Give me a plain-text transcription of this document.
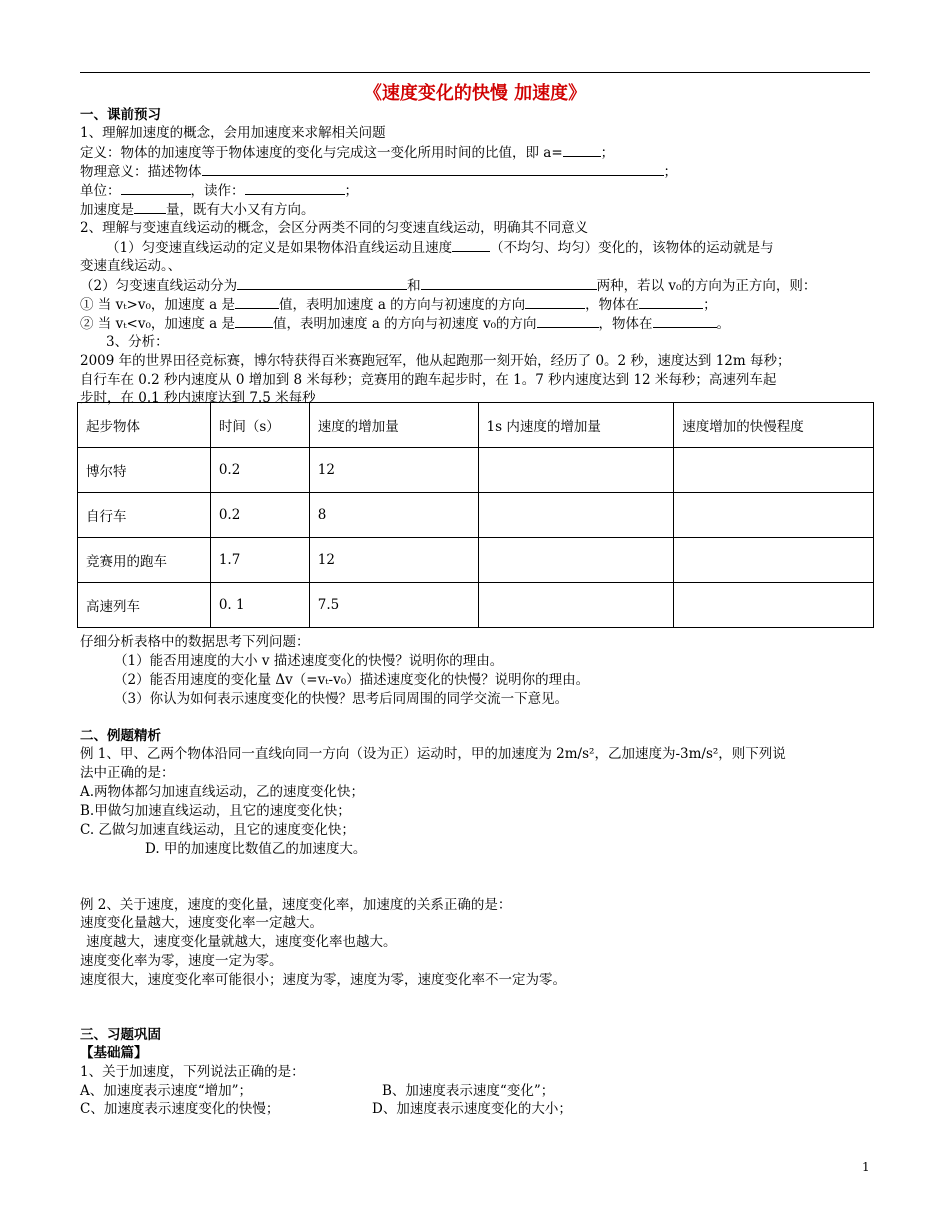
《速度变化的快慢 加速度》
一、课前预习
1、理解加速度的概念，会用加速度来求解相关问题
定义：物体的加速度等于物体速度的变化与完成这一变化所用时间的比值，即 a=	；
物理意义：描述物体	；
单位：	，读作：	；
加速度是 量，既有大小又有方向。
2、理解与变速直线运动的概念，会区分两类不同的匀变速直线运动，明确其不同意义
（1）匀变速直线运动的定义是如果物体沿直线运动且速度	（不均匀、均匀）变化的，该物体的运动就是与
变速直线运动。、
（2）匀变速直线运动分为	和	两种，若以 v₀的方向为正方向，则：
① 当 vₜ>v₀，加速度 a 是	值，表明加速度 a 的方向与初速度的方向	，物体在	；
② 当 vₜ<v₀，加速度 a 是	值，表明加速度 a 的方向与初速度 v₀的方向	，物体在	。
3、分析：
2009 年的世界田径竞标赛，博尔特获得百米赛跑冠军，他从起跑那一刻开始，经历了 0。2 秒，速度达到 12m 每秒；
自行车在 0.2 秒内速度从 0 增加到 8 米每秒；竞赛用的跑车起步时，在 1。7 秒内速度达到 12 米每秒；高速列车起
步时，在 0.1 秒内速度达到 7.5 米每秒
起步物体	时间（s）	速度的增加量	1s 内速度的增加量	速度增加的快慢程度
博尔特	0.2	12		
自行车	0.2	8		
竞赛用的跑车	1.7	12		
高速列车	0. 1	7.5		
仔细分析表格中的数据思考下列问题：
（1）能否用速度的大小 v 描述速度变化的快慢？说明你的理由。
（2）能否用速度的变化量 Δv（=vₜ-v₀）描述速度变化的快慢？说明你的理由。
（3）你认为如何表示速度变化的快慢？思考后同周围的同学交流一下意见。
二、例题精析
例 1、甲、乙两个物体沿同一直线向同一方向（设为正）运动时，甲的加速度为 2m/s²，乙加速度为-3m/s²，则下列说
法中正确的是：
A.两物体都匀加速直线运动，乙的速度变化快；
B.甲做匀加速直线运动，且它的速度变化快；
C. 乙做匀加速直线运动，且它的速度变化快；
D. 甲的加速度比数值乙的加速度大。
例 2、关于速度，速度的变化量，速度变化率，加速度的关系正确的是：
速度变化量越大，速度变化率一定越大。
速度越大，速度变化量就越大，速度变化率也越大。
速度变化率为零，速度一定为零。
速度很大，速度变化率可能很小；速度为零，速度为零，速度变化率不一定为零。
三、习题巩固
【基础篇】
1、关于加速度，下列说法正确的是：
A、加速度表示速度“增加”；	B、加速度表示速度“变化”；
C、加速度表示速度变化的快慢；	D、加速度表示速度变化的大小；
1
